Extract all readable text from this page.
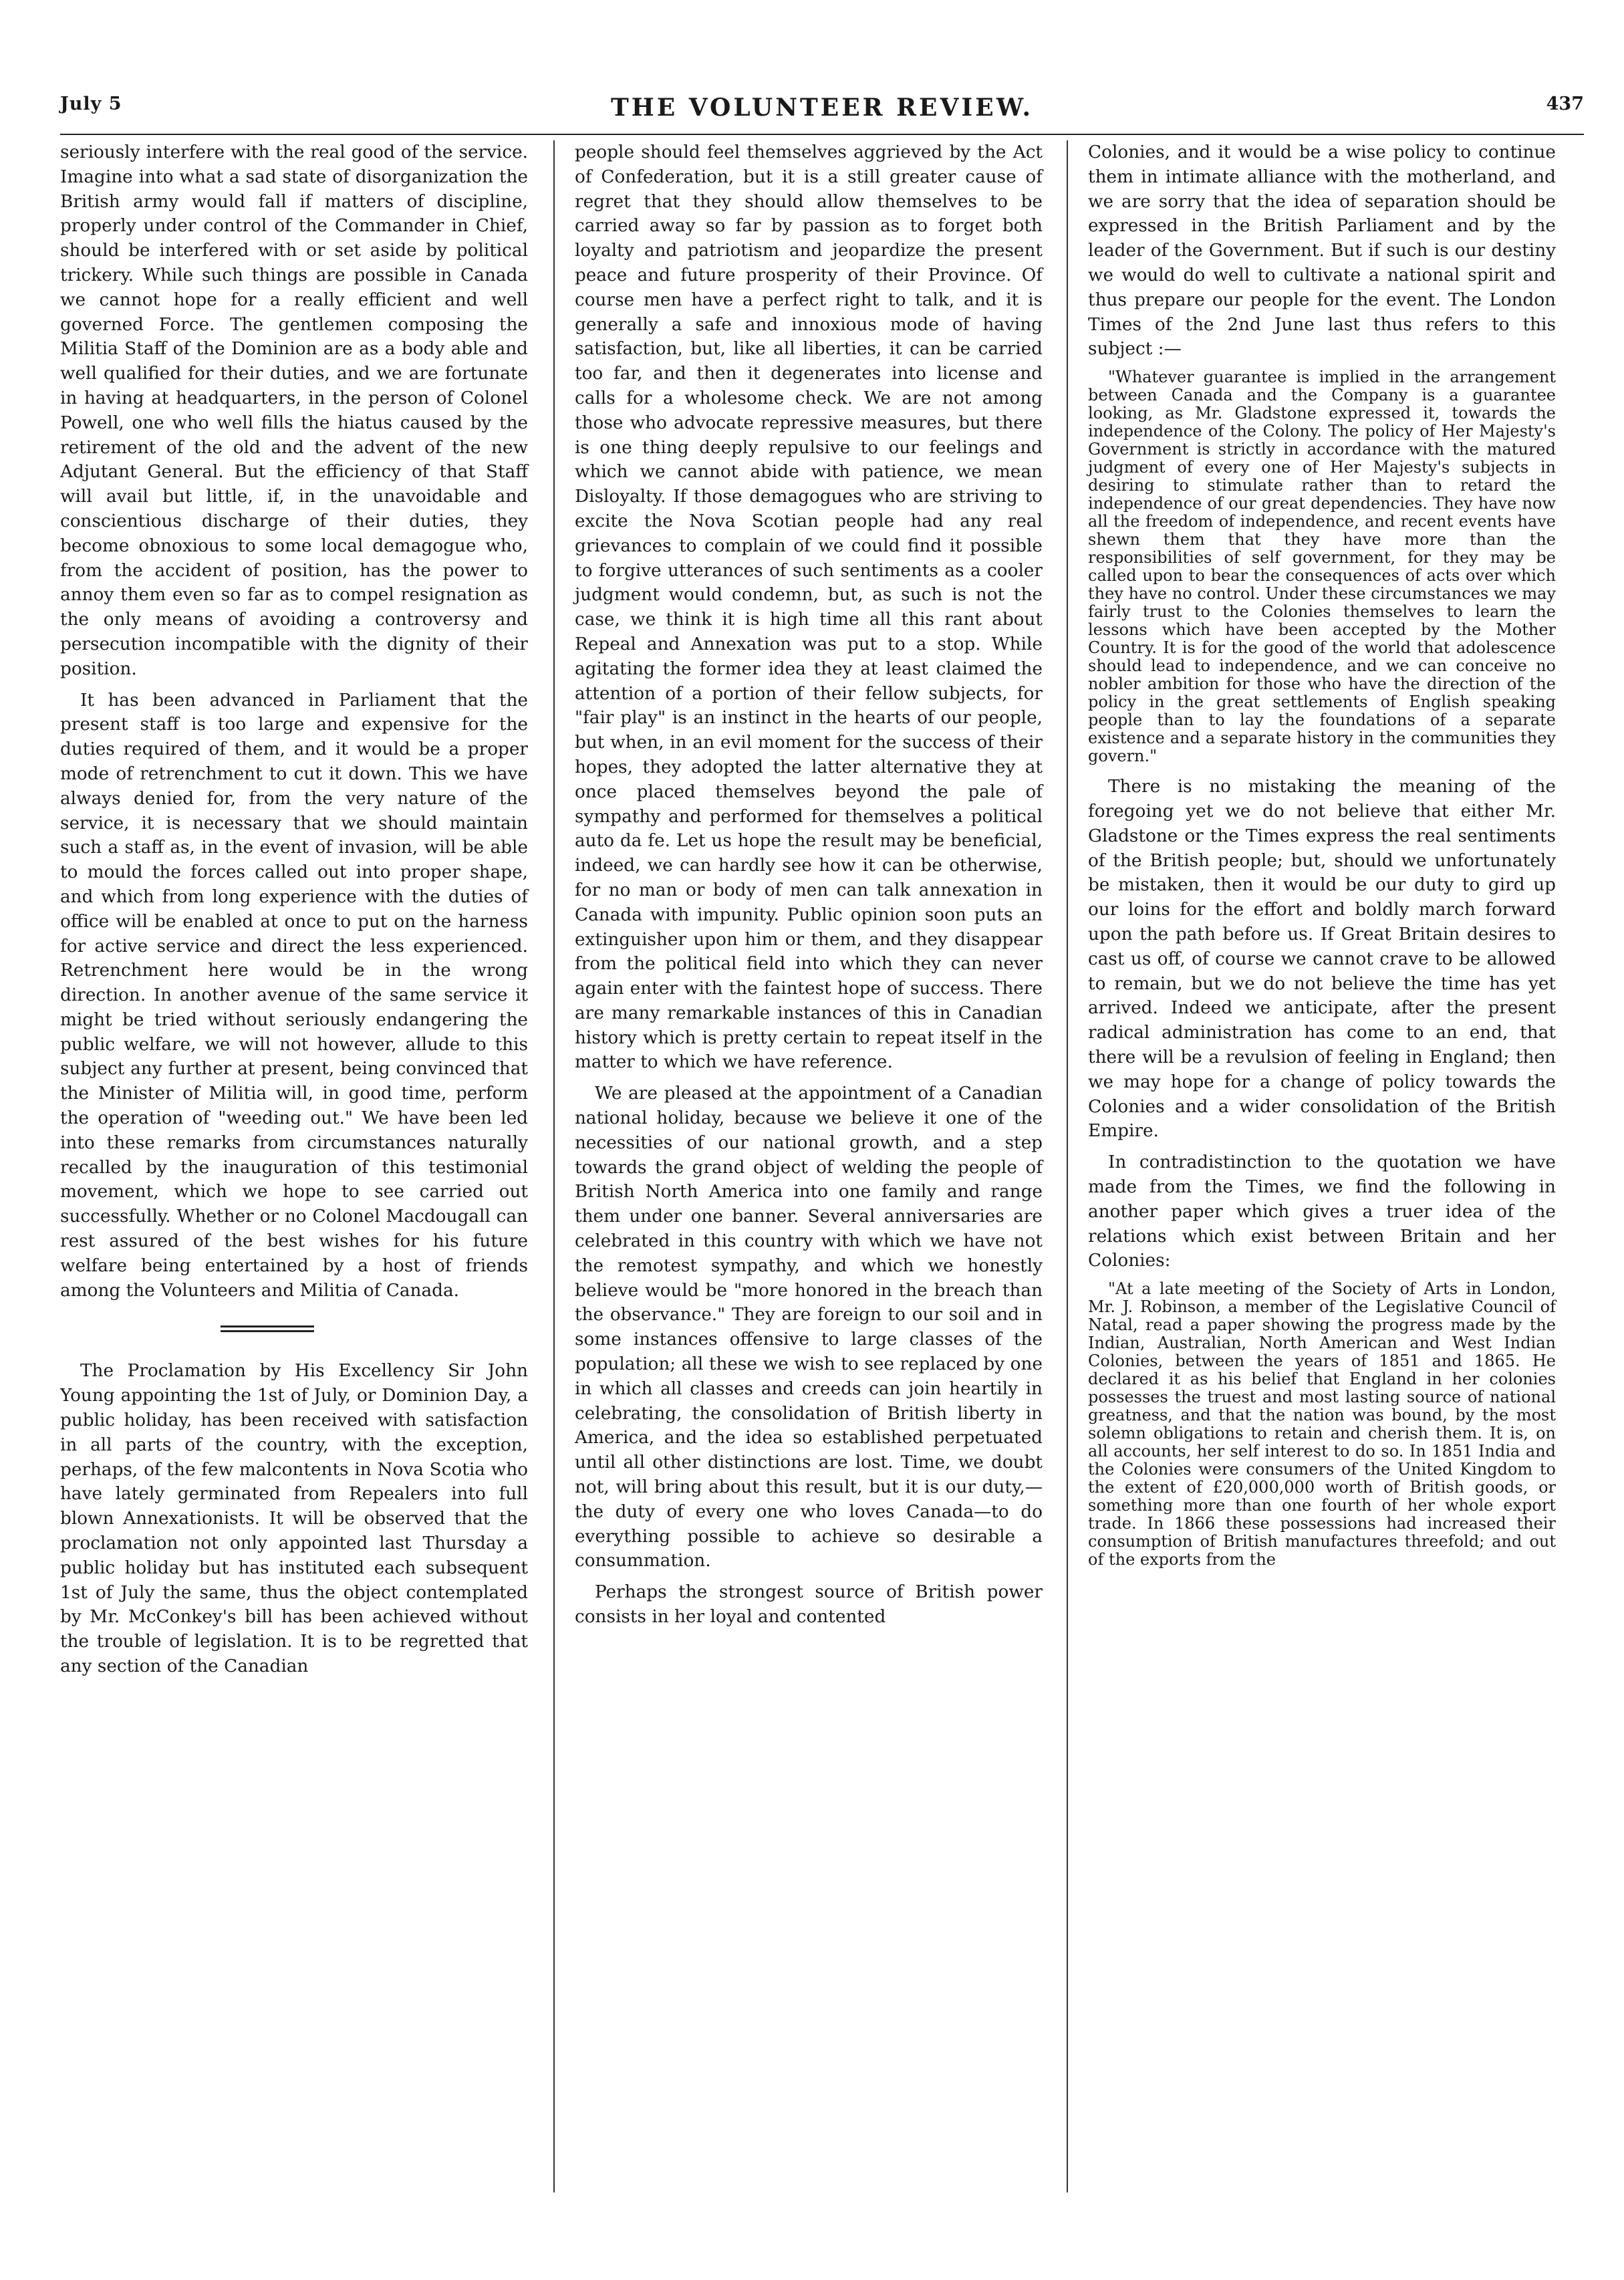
THE VOLUNTEER REVIEW.
July 5	437

seriously interfere with the real good of the service. Imagine into what a sad state of disorganization the British army would fall if matters of discipline, properly under control of the Commander in Chief, should be interfered with or set aside by political trickery. While such things are possible in Canada we cannot hope for a really efficient and well governed Force. The gentlemen composing the Militia Staff of the Dominion are as a body able and well qualified for their duties, and we are fortunate in having at headquarters, in the person of Colonel Powell, one who well fills the hiatus caused by the retirement of the old and the advent of the new Adjutant General. But the efficiency of that Staff will avail but little, if, in the unavoidable and conscientious discharge of their duties, they become obnoxious to some local demagogue who, from the accident of position, has the power to annoy them even so far as to compel resignation as the only means of avoiding a controversy and persecution incompatible with the dignity of their position.

It has been advanced in Parliament that the present staff is too large and expensive for the duties required of them, and it would be a proper mode of retrenchment to cut it down. This we have always denied for, from the very nature of the service, it is necessary that we should maintain such a staff as, in the event of invasion, will be able to mould the forces called out into proper shape, and which from long experience with the duties of office will be enabled at once to put on the harness for active service and direct the less experienced. Retrenchment here would be in the wrong direction. In another avenue of the same service it might be tried without seriously endangering the public welfare, we will not however, allude to this subject any further at present, being convinced that the Minister of Militia will, in good time, perform the operation of "weeding out." We have been led into these remarks from circumstances naturally recalled by the inauguration of this testimonial movement, which we hope to see carried out successfully. Whether or no Colonel Macdougall can rest assured of the best wishes for his future welfare being entertained by a host of friends among the Volunteers and Militia of Canada.

The Proclamation by His Excellency Sir John Young appointing the 1st of July, or Dominion Day, a public holiday, has been received with satisfaction in all parts of the country, with the exception, perhaps, of the few malcontents in Nova Scotia who have lately germinated from Repealers into full blown Annexationists. It will be observed that the proclamation not only appointed last Thursday a public holiday but has instituted each subsequent 1st of July the same, thus the object contemplated by Mr. McConkey's bill has been achieved without the trouble of legislation. It is to be regretted that any section of the Canadian

people should feel themselves aggrieved by the Act of Confederation, but it is a still greater cause of regret that they should allow themselves to be carried away so far by passion as to forget both loyalty and patriotism and jeopardize the present peace and future prosperity of their Province. Of course men have a perfect right to talk, and it is generally a safe and innoxious mode of having satisfaction, but, like all liberties, it can be carried too far, and then it degenerates into license and calls for a wholesome check. We are not among those who advocate repressive measures, but there is one thing deeply repulsive to our feelings and which we cannot abide with patience, we mean Disloyalty. If those demagogues who are striving to excite the Nova Scotian people had any real grievances to complain of we could find it possible to forgive utterances of such sentiments as a cooler judgment would condemn, but, as such is not the case, we think it is high time all this rant about Repeal and Annexation was put to a stop. While agitating the former idea they at least claimed the attention of a portion of their fellow subjects, for "fair play" is an instinct in the hearts of our people, but when, in an evil moment for the success of their hopes, they adopted the latter alternative they at once placed themselves beyond the pale of sympathy and performed for themselves a political auto da fe. Let us hope the result may be beneficial, indeed, we can hardly see how it can be otherwise, for no man or body of men can talk annexation in Canada with impunity. Public opinion soon puts an extinguisher upon him or them, and they disappear from the political field into which they can never again enter with the faintest hope of success. There are many remarkable instances of this in Canadian history which is pretty certain to repeat itself in the matter to which we have reference.

We are pleased at the appointment of a Canadian national holiday, because we believe it one of the necessities of our national growth, and a step towards the grand object of welding the people of British North America into one family and range them under one banner. Several anniversaries are celebrated in this country with which we have not the remotest sympathy, and which we honestly believe would be "more honored in the breach than the observance." They are foreign to our soil and in some instances offensive to large classes of the population; all these we wish to see replaced by one in which all classes and creeds can join heartily in celebrating, the consolidation of British liberty in America, and the idea so established perpetuated until all other distinctions are lost. Time, we doubt not, will bring about this result, but it is our duty,—the duty of every one who loves Canada—to do everything possible to achieve so desirable a consummation.

Perhaps the strongest source of British power consists in her loyal and contented

Colonies, and it would be a wise policy to continue them in intimate alliance with the motherland, and we are sorry that the idea of separation should be expressed in the British Parliament and by the leader of the Government. But if such is our destiny we would do well to cultivate a national spirit and thus prepare our people for the event. The London Times of the 2nd June last thus refers to this subject :—

"Whatever guarantee is implied in the arrangement between Canada and the Company is a guarantee looking, as Mr. Gladstone expressed it, towards the independence of the Colony. The policy of Her Majesty's Government is strictly in accordance with the matured judgment of every one of Her Majesty's subjects in desiring to stimulate rather than to retard the independence of our great dependencies. They have now all the freedom of independence, and recent events have shewn them that they have more than the responsibilities of self government, for they may be called upon to bear the consequences of acts over which they have no control. Under these circumstances we may fairly trust to the Colonies themselves to learn the lessons which have been accepted by the Mother Country. It is for the good of the world that adolescence should lead to independence, and we can conceive no nobler ambition for those who have the direction of the policy in the great settlements of English speaking people than to lay the foundations of a separate existence and a separate history in the communities they govern."

There is no mistaking the meaning of the foregoing yet we do not believe that either Mr. Gladstone or the Times express the real sentiments of the British people; but, should we unfortunately be mistaken, then it would be our duty to gird up our loins for the effort and boldly march forward upon the path before us. If Great Britain desires to cast us off, of course we cannot crave to be allowed to remain, but we do not believe the time has yet arrived. Indeed we anticipate, after the present radical administration has come to an end, that there will be a revulsion of feeling in England; then we may hope for a change of policy towards the Colonies and a wider consolidation of the British Empire.

In contradistinction to the quotation we have made from the Times, we find the following in another paper which gives a truer idea of the relations which exist between Britain and her Colonies:

"At a late meeting of the Society of Arts in London, Mr. J. Robinson, a member of the Legislative Council of Natal, read a paper showing the progress made by the Indian, Australian, North American and West Indian Colonies, between the years of 1851 and 1865. He declared it as his belief that England in her colonies possesses the truest and most lasting source of national greatness, and that the nation was bound, by the most solemn obligations to retain and cherish them. It is, on all accounts, her self interest to do so. In 1851 India and the Colonies were consumers of the United Kingdom to the extent of £20,000,000 worth of British goods, or something more than one fourth of her whole export trade. In 1866 these possessions had increased their consumption of British manufactures threefold; and out of the exports from the
